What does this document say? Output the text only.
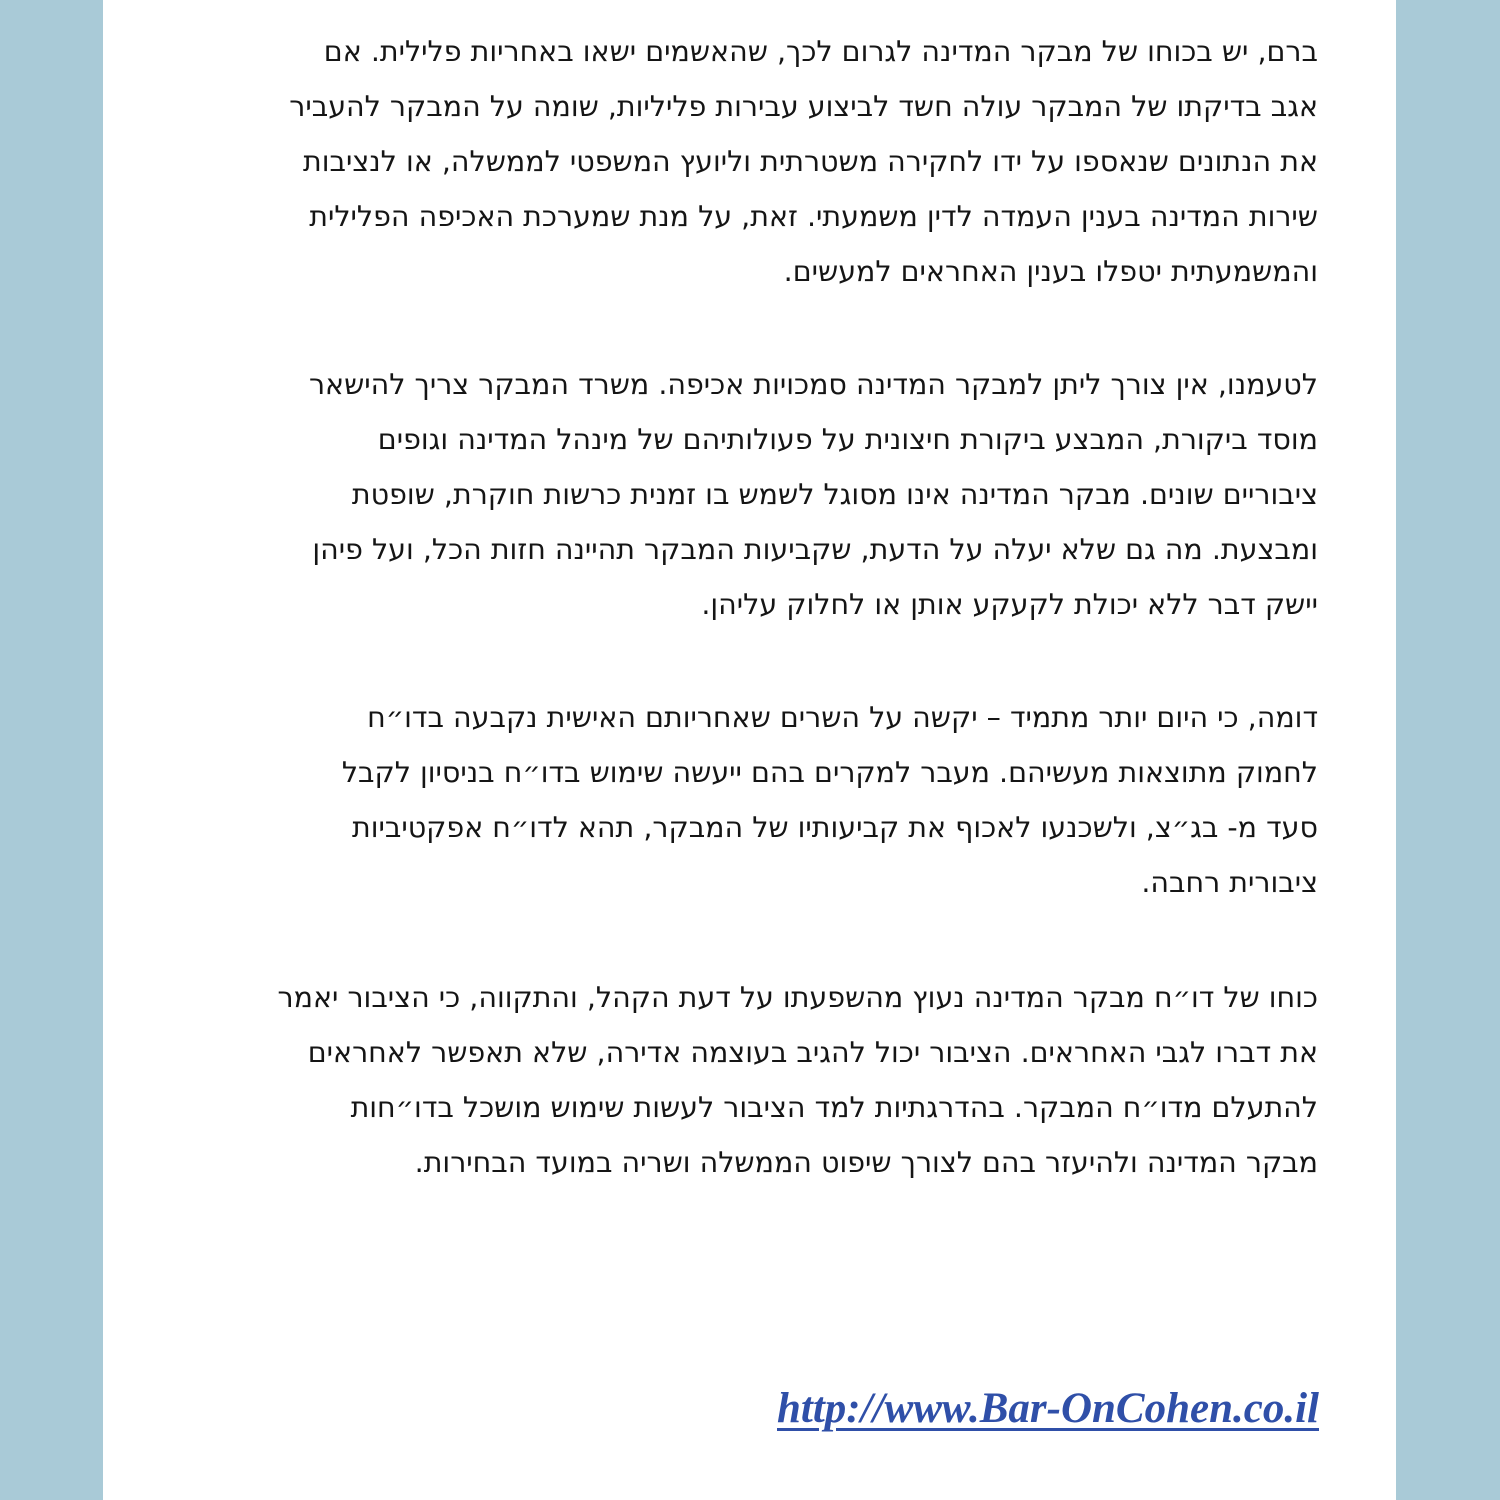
ברם, יש בכוחו של מבקר המדינה לגרום לכך, שהאשמים ישאו באחריות פלילית. אם
אגב בדיקתו של המבקר עולה חשד לביצוע עבירות פליליות, שומה על המבקר להעביר
את הנתונים שנאספו על ידו לחקירה משטרתית וליועץ המשפטי לממשלה, או לנציבות
שירות המדינה בענין העמדה לדין משמעתי. זאת, על מנת שמערכת האכיפה הפלילית
והמשמעתית יטפלו בענין האחראים למעשים.
לטעמנו, אין צורך ליתן למבקר המדינה סמכויות אכיפה. משרד המבקר צריך להישאר
מוסד ביקורת, המבצע ביקורת חיצונית על פעולותיהם של מינהל המדינה וגופים
ציבוריים שונים. מבקר המדינה אינו מסוגל לשמש בו זמנית כרשות חוקרת, שופטת
ומבצעת. מה גם שלא יעלה על הדעת, שקביעות המבקר תהיינה חזות הכל, ועל פיהן
יישק דבר ללא יכולת לקעקע אותן או לחלוק עליהן.
דומה, כי היום יותר מתמיד – יקשה על השרים שאחריותם האישית נקבעה בדו״ח
לחמוק מתוצאות מעשיהם. מעבר למקרים בהם ייעשה שימוש בדו״ח בניסיון לקבל
סעד מ- בג״צ, ולשכנעו לאכוף את קביעותיו של המבקר, תהא לדו״ח אפקטיביות
ציבורית רחבה.
כוחו של דו״ח מבקר המדינה נעוץ מהשפעתו על דעת הקהל, והתקווה, כי הציבור יאמר
את דברו לגבי האחראים. הציבור יכול להגיב בעוצמה אדירה, שלא תאפשר לאחראים
להתעלם מדו״ח המבקר. בהדרגתיות למד הציבור לעשות שימוש מושכל בדו״חות
מבקר המדינה ולהיעזר בהם לצורך שיפוט הממשלה ושריה במועד הבחירות.
http://www.Bar-OnCohen.co.il
